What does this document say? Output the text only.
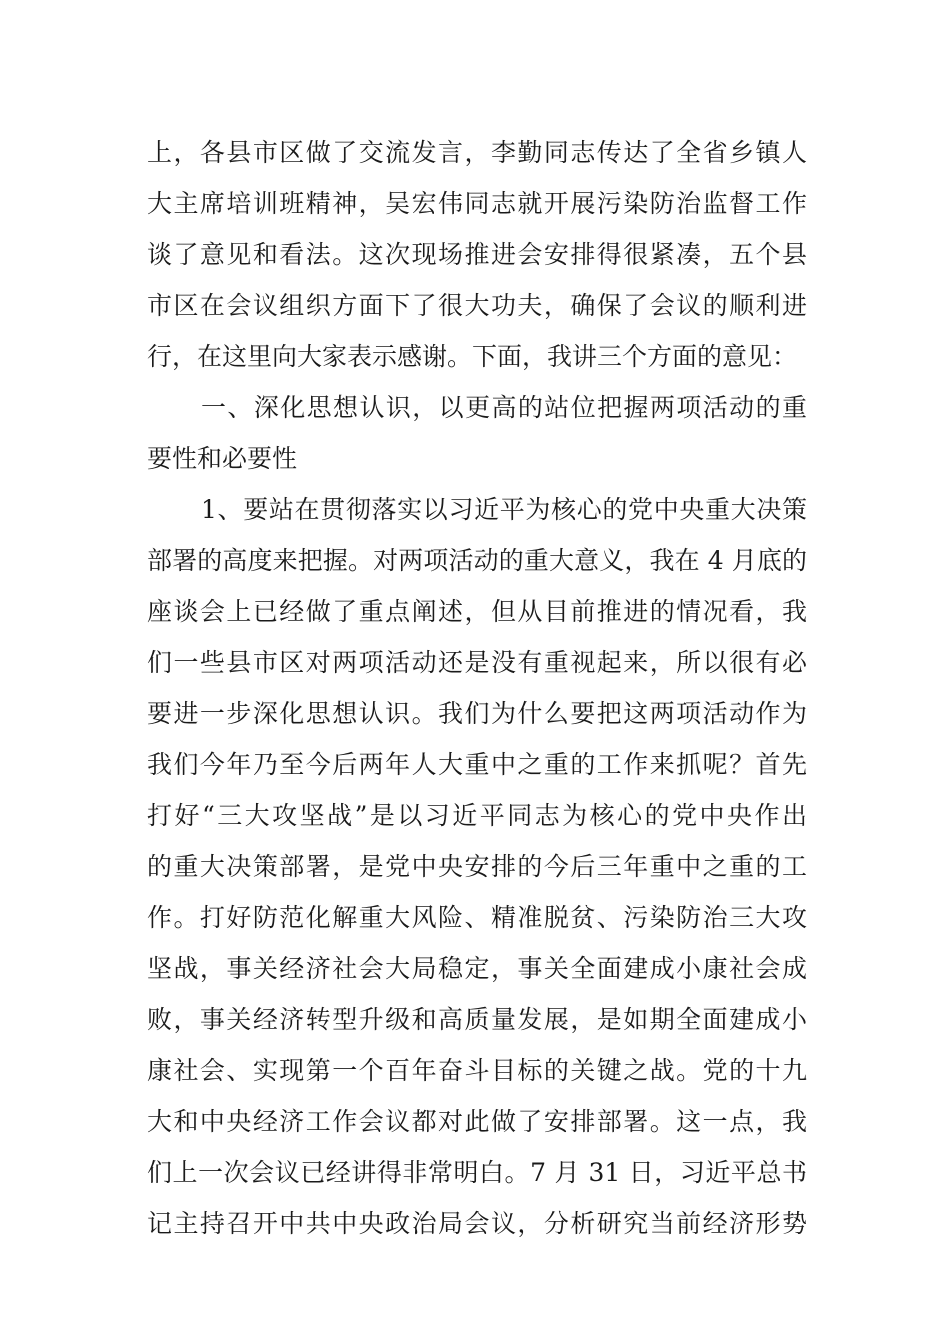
上，各县市区做了交流发言，李勤同志传达了全省乡镇人
大主席培训班精神，吴宏伟同志就开展污染防治监督工作
谈了意见和看法。这次现场推进会安排得很紧凑，五个县
市区在会议组织方面下了很大功夫，确保了会议的顺利进
行，在这里向大家表示感谢。下面，我讲三个方面的意见：
一、深化思想认识，以更高的站位把握两项活动的重
要性和必要性
1、要站在贯彻落实以习近平为核心的党中央重大决策
部署的高度来把握。对两项活动的重大意义，我在 4 月底的
座谈会上已经做了重点阐述，但从目前推进的情况看，我
们一些县市区对两项活动还是没有重视起来，所以很有必
要进一步深化思想认识。我们为什么要把这两项活动作为
我们今年乃至今后两年人大重中之重的工作来抓呢？首先
打好“三大攻坚战”是以习近平同志为核心的党中央作出
的重大决策部署，是党中央安排的今后三年重中之重的工
作。打好防范化解重大风险、精准脱贫、污染防治三大攻
坚战，事关经济社会大局稳定，事关全面建成小康社会成
败，事关经济转型升级和高质量发展，是如期全面建成小
康社会、实现第一个百年奋斗目标的关键之战。党的十九
大和中央经济工作会议都对此做了安排部署。这一点，我
们上一次会议已经讲得非常明白。7 月 31 日，习近平总书
记主持召开中共中央政治局会议，分析研究当前经济形势
